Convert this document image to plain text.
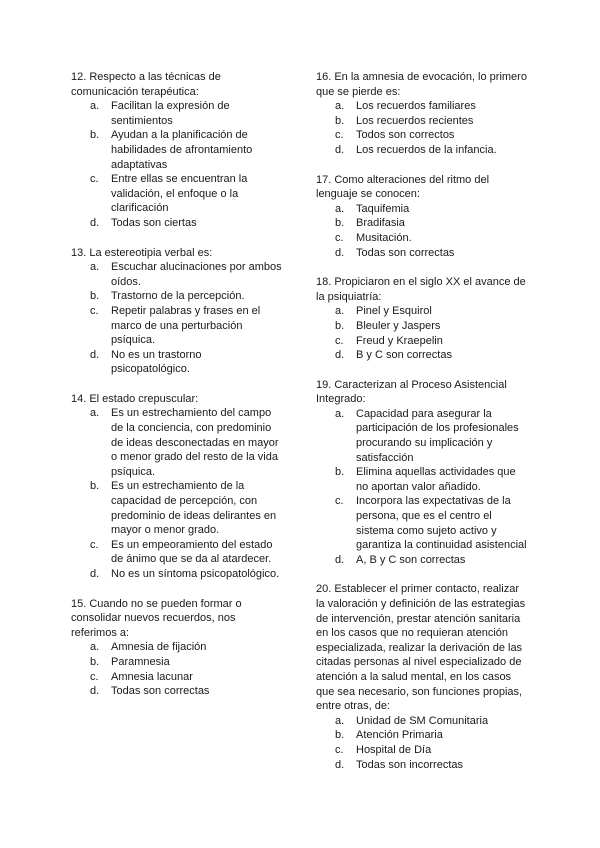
12. Respecto a las técnicas de comunicación terapéutica:

a.	Facilitan la expresión de sentimientos
b.	Ayudan a la planificación de habilidades de afrontamiento adaptativas
c.	Entre ellas se encuentran la validación, el enfoque o la clarificación
d.	Todas son ciertas

13. La estereotipia verbal es:

a.	Escuchar alucinaciones por ambos oídos.
b.	Trastorno de la percepción.
c.	Repetir palabras y frases en el marco de una perturbación psíquica.
d.	No es un trastorno psicopatológico.

14. El estado crepuscular:

a.	Es un estrechamiento del campo de la conciencia, con predominio de ideas desconectadas en mayor o menor grado del resto de la vida psíquica.
b.	Es un estrechamiento de la capacidad de percepción, con predominio de ideas delirantes en mayor o menor grado.
c.	Es un empeoramiento del estado de ánimo que se da al atardecer.
d.	No es un síntoma psicopatológico.

15. Cuando no se pueden formar o consolidar nuevos recuerdos, nos referimos a:

a.	Amnesia de fijación
b.	Paramnesia
c.	Amnesia lacunar
d.	Todas son correctas

16. En la amnesia de evocación, lo primero que se pierde es:

a.	Los recuerdos familiares
b.	Los recuerdos recientes
c.	Todos son correctos
d.	Los recuerdos de la infancia.

17. Como alteraciones del ritmo del lenguaje se conocen:

a.	Taquifemia
b.	Bradifasia
c.	Musitación.
d.	Todas son correctas

18. Propiciaron en el siglo XX el avance de la psiquiatría:

a.	Pinel y Esquirol
b.	Bleuler y Jaspers
c.	Freud y Kraepelin
d.	B y C son correctas

19. Caracterizan al Proceso Asistencial Integrado:

a.	Capacidad para asegurar la participación de los profesionales procurando su implicación y satisfacción
b.	Elimina aquellas actividades que no aportan valor añadido.
c.	Incorpora las expectativas de la persona, que es el centro el sistema como sujeto activo y garantiza la continuidad asistencial
d.	A, B y C son correctas

20. Establecer el primer contacto, realizar la valoración y definición de las estrategias de intervención, prestar atención sanitaria en los casos que no requieran atención especializada, realizar la derivación de las citadas personas al nivel especializado de atención a la salud mental, en los casos que sea necesario, son funciones propias, entre otras, de:

a.	Unidad de SM Comunitaria
b.	Atención Primaria
c.	Hospital de Día
d.	Todas son incorrectas
